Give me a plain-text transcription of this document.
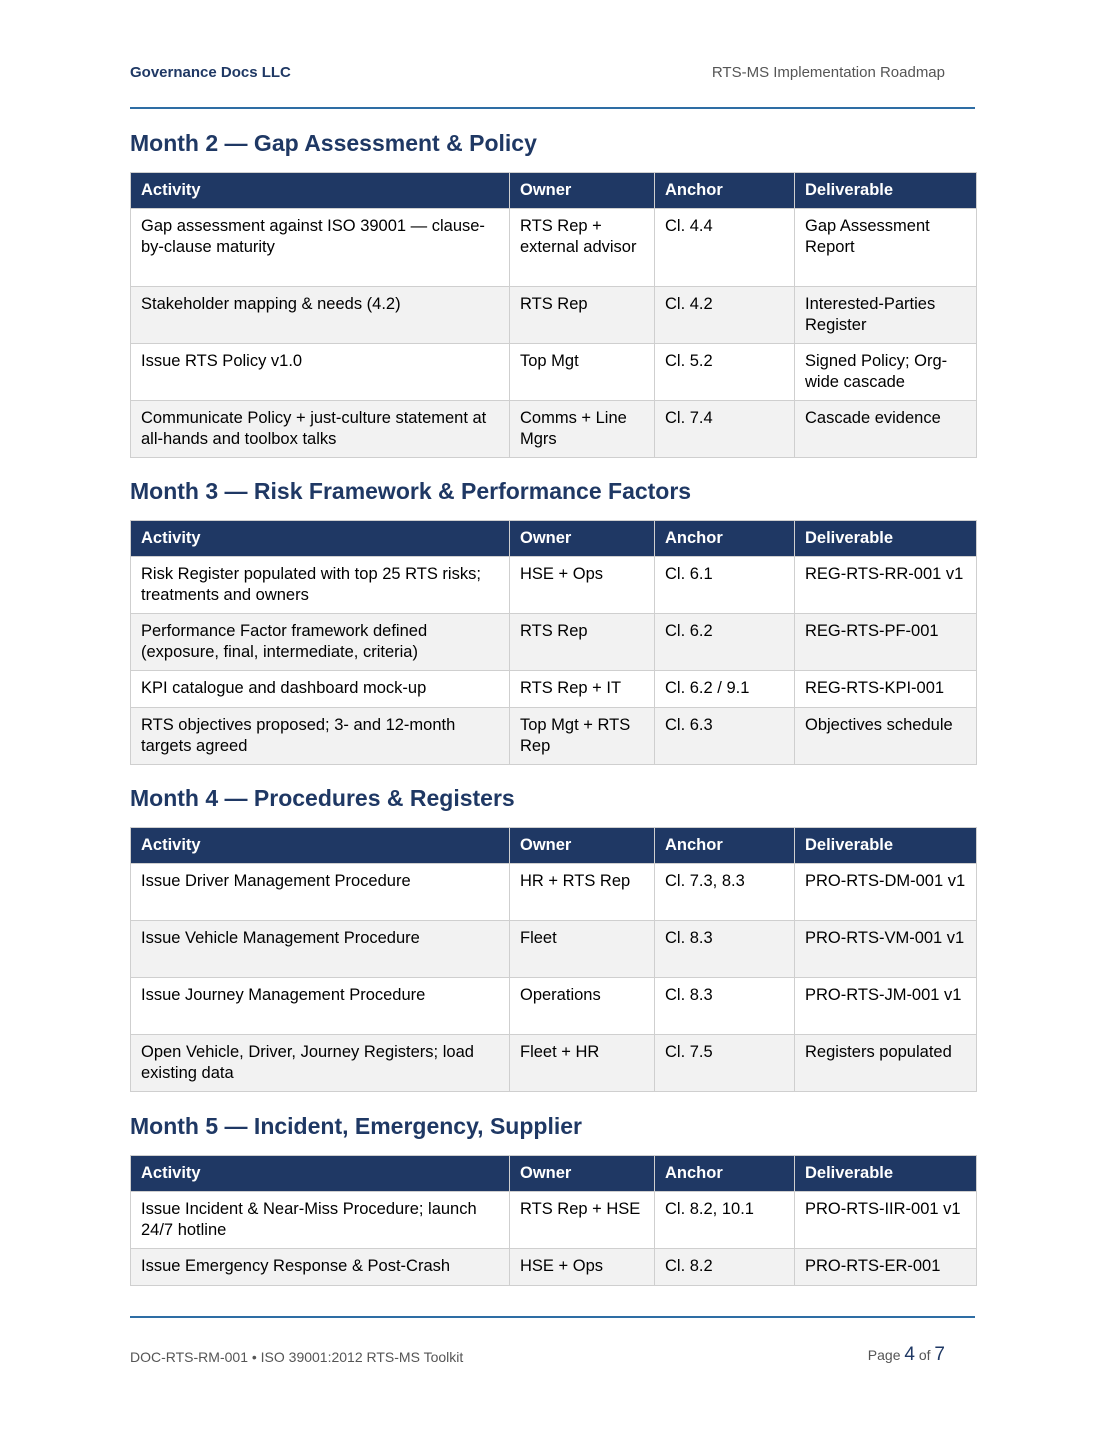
Governance Docs LLC	RTS-MS Implementation Roadmap
Month 2 — Gap Assessment & Policy
Activity	Owner	Anchor	Deliverable
Gap assessment against ISO 39001 — clause-by-clause maturity	RTS Rep + external advisor	Cl. 4.4	Gap Assessment Report
Stakeholder mapping & needs (4.2)	RTS Rep	Cl. 4.2	Interested-Parties Register
Issue RTS Policy v1.0	Top Mgt	Cl. 5.2	Signed Policy; Org-wide cascade
Communicate Policy + just-culture statement at all-hands and toolbox talks	Comms + Line Mgrs	Cl. 7.4	Cascade evidence
Month 3 — Risk Framework & Performance Factors
Activity	Owner	Anchor	Deliverable
Risk Register populated with top 25 RTS risks; treatments and owners	HSE + Ops	Cl. 6.1	REG-RTS-RR-001 v1
Performance Factor framework defined (exposure, final, intermediate, criteria)	RTS Rep	Cl. 6.2	REG-RTS-PF-001
KPI catalogue and dashboard mock-up	RTS Rep + IT	Cl. 6.2 / 9.1	REG-RTS-KPI-001
RTS objectives proposed; 3- and 12-month targets agreed	Top Mgt + RTS Rep	Cl. 6.3	Objectives schedule
Month 4 — Procedures & Registers
Activity	Owner	Anchor	Deliverable
Issue Driver Management Procedure	HR + RTS Rep	Cl. 7.3, 8.3	PRO-RTS-DM-001 v1
Issue Vehicle Management Procedure	Fleet	Cl. 8.3	PRO-RTS-VM-001 v1
Issue Journey Management Procedure	Operations	Cl. 8.3	PRO-RTS-JM-001 v1
Open Vehicle, Driver, Journey Registers; load existing data	Fleet + HR	Cl. 7.5	Registers populated
Month 5 — Incident, Emergency, Supplier
Activity	Owner	Anchor	Deliverable
Issue Incident & Near-Miss Procedure; launch 24/7 hotline	RTS Rep + HSE	Cl. 8.2, 10.1	PRO-RTS-IIR-001 v1
Issue Emergency Response & Post-Crash	HSE + Ops	Cl. 8.2	PRO-RTS-ER-001
DOC-RTS-RM-001 • ISO 39001:2012 RTS-MS Toolkit	Page 4 of 7
